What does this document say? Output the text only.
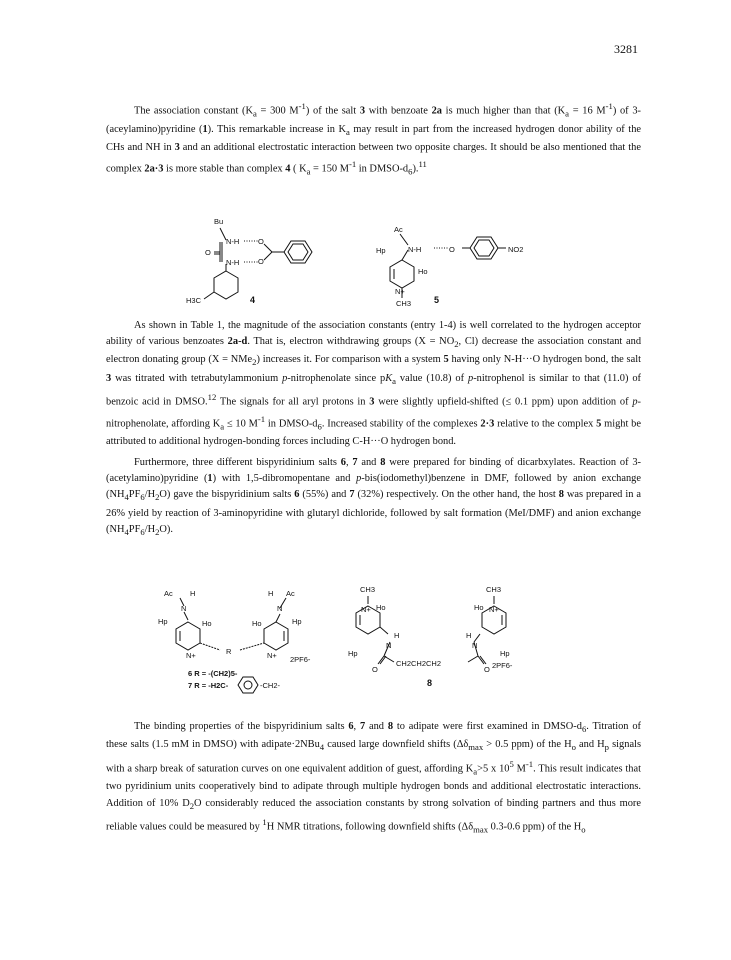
3281

The association constant ($K_a = 300$ $M^{-1}$) of the salt 3 with benzoate 2a is much higher than that ($K_a = 16$ $M^{-1}$) of 3-(aceylamino)pyridine (1). This remarkable increase in $K_a$ may result in part from the increased hydrogen donor ability of the CHs and NH in 3 and an additional electrostatic interaction between two opposite charges. It should be also mentioned that the complex 2a·3 is more stable than complex 4 ( $K_a = 150$ $M^{-1}$ in DMSO-$d_6).^{11}$

Bu
N-H O
O
O
N-H
H3C	4
Ac
Hp	N-H	O	NO2
Ho
N+
CH3	5

As shown in Table 1, the magnitude of the association constants (entry 1-4) is well correlated to the hydrogen acceptor ability of various benzoates 2a-d. That is, electron withdrawing groups ($X = NO_2$, Cl) decrease the association constant and electron donating group (X = NMe$_2$) increases it. For comparison with a system 5 having only N-H···O hydrogen bond, the salt 3 was titrated with tetrabutylammonium p-nitrophenolate since $pK_a$ value (10.8) of p-nitrophenol is similar to that (11.0) of benzoic acid in DMSO.$^{12}$ The signals for all aryl protons in 3 were slightly upfield-shifted (≤ 0.1 ppm) upon addition of p-nitrophenolate, affording $K_a \le 10$ $M^{-1}$ in DMSO-$d_6$. Increased stability of the complexes 2·3 relative to the complex 5 might be attributed to additional hydrogen-bonding forces including C-H···O hydrogen bond.

Furthermore, three different bispyridinium salts 6, 7 and 8 were prepared for binding of dicarbxylates. Reaction of 3-(acetylamino)pyridine (1) with 1,5-dibromopentane and p-bis(iodomethyl)benzene in DMF, followed by anion exchange $(NH_4PF_6/H_2O)$ gave the bispyridinium salts 6 (55%) and 7 (32%) respectively. On the other hand, the host 8 was prepared in a 26% yield by reaction of 3-aminopyridine with glutaryl dichloride, followed by salt formation (MeI/DMF) and anion exchange $(NH_4PF_6/H_2O)$.

Ac
N
H	H
N
Ac
Hp	Ho	Ho	Hp
N+	N+
R
2PF6-
6 R = -(CH2)5-
7 R = -H2C-	-CH2-
CH3	CH3
N+	N+
Ho	Ho
H	H
N	N
Hp	Hp
O	O
CH2CH2CH2	2PF6-
8

The binding properties of the bispyridinium salts 6, 7 and 8 to adipate were first examined in DMSO-$d_6$. Titration of these salts (1.5 mM in DMSO) with adipate·2NBu$_4$ caused large downfield shifts ($\Delta\delta_{max} > 0.5$ ppm) of the $H_o$ and $H_p$ signals with a sharp break of saturation curves on one equivalent addition of guest, affording $K_a>5$ x $10^5$ $M^{-1}$. This result indicates that two pyridinium units cooperatively bind to adipate through multiple hydrogen bonds and additional electrostatic interactions. Addition of 10% $D_2O$ considerably reduced the association constants by strong solvation of binding partners and thus more reliable values could be measured by $^1$H NMR titrations, following downfield shifts ($\Delta\delta_{max}$ 0.3-0.6 ppm) of the $H_o$
